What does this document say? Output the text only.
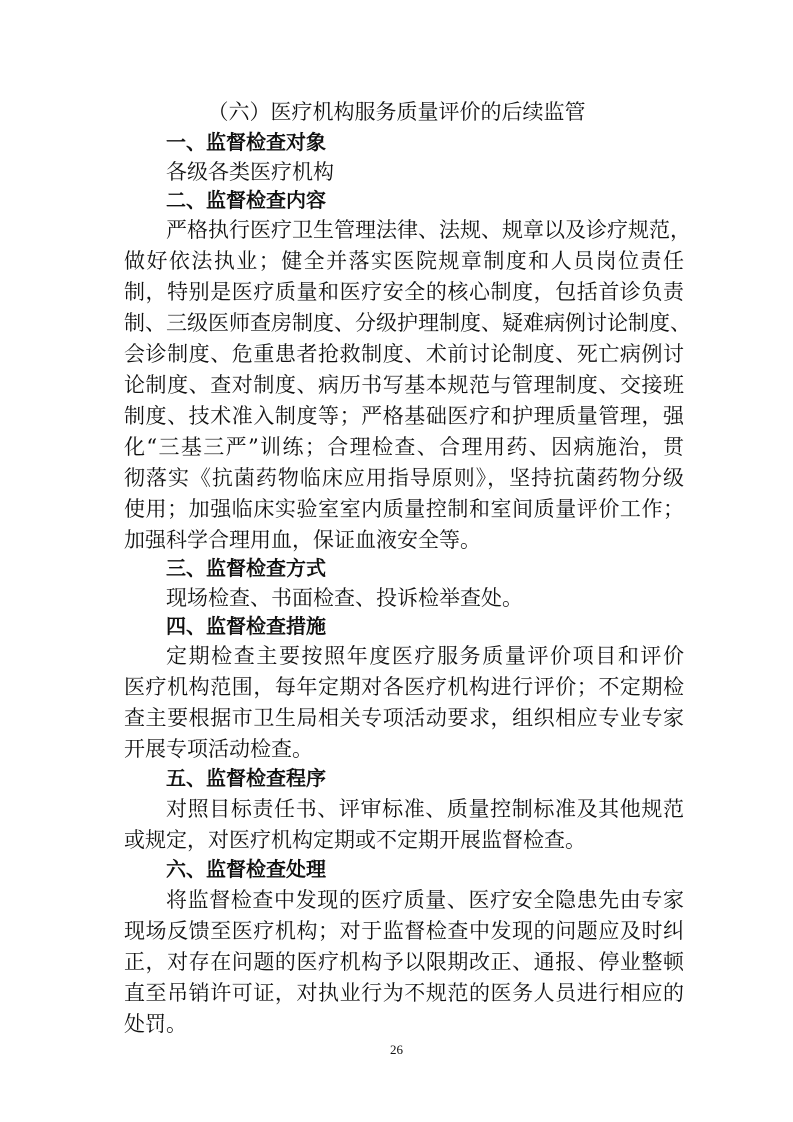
（六）医疗机构服务质量评价的后续监管
一、监督检查对象
各级各类医疗机构
二、监督检查内容
严格执行医疗卫生管理法律、法规、规章以及诊疗规范，
做好依法执业；健全并落实医院规章制度和人员岗位责任
制，特别是医疗质量和医疗安全的核心制度，包括首诊负责
制、三级医师查房制度、分级护理制度、疑难病例讨论制度、
会诊制度、危重患者抢救制度、术前讨论制度、死亡病例讨
论制度、查对制度、病历书写基本规范与管理制度、交接班
制度、技术准入制度等；严格基础医疗和护理质量管理，强
化“三基三严”训练；合理检查、合理用药、因病施治，贯
彻落实《抗菌药物临床应用指导原则》，坚持抗菌药物分级
使用；加强临床实验室室内质量控制和室间质量评价工作；
加强科学合理用血，保证血液安全等。
三、监督检查方式
现场检查、书面检查、投诉检举查处。
四、监督检查措施
定期检查主要按照年度医疗服务质量评价项目和评价
医疗机构范围，每年定期对各医疗机构进行评价；不定期检
查主要根据市卫生局相关专项活动要求，组织相应专业专家
开展专项活动检查。
五、监督检查程序
对照目标责任书、评审标准、质量控制标准及其他规范
或规定，对医疗机构定期或不定期开展监督检查。
六、监督检查处理
将监督检查中发现的医疗质量、医疗安全隐患先由专家
现场反馈至医疗机构；对于监督检查中发现的问题应及时纠
正，对存在问题的医疗机构予以限期改正、通报、停业整顿
直至吊销许可证，对执业行为不规范的医务人员进行相应的
处罚。
26
